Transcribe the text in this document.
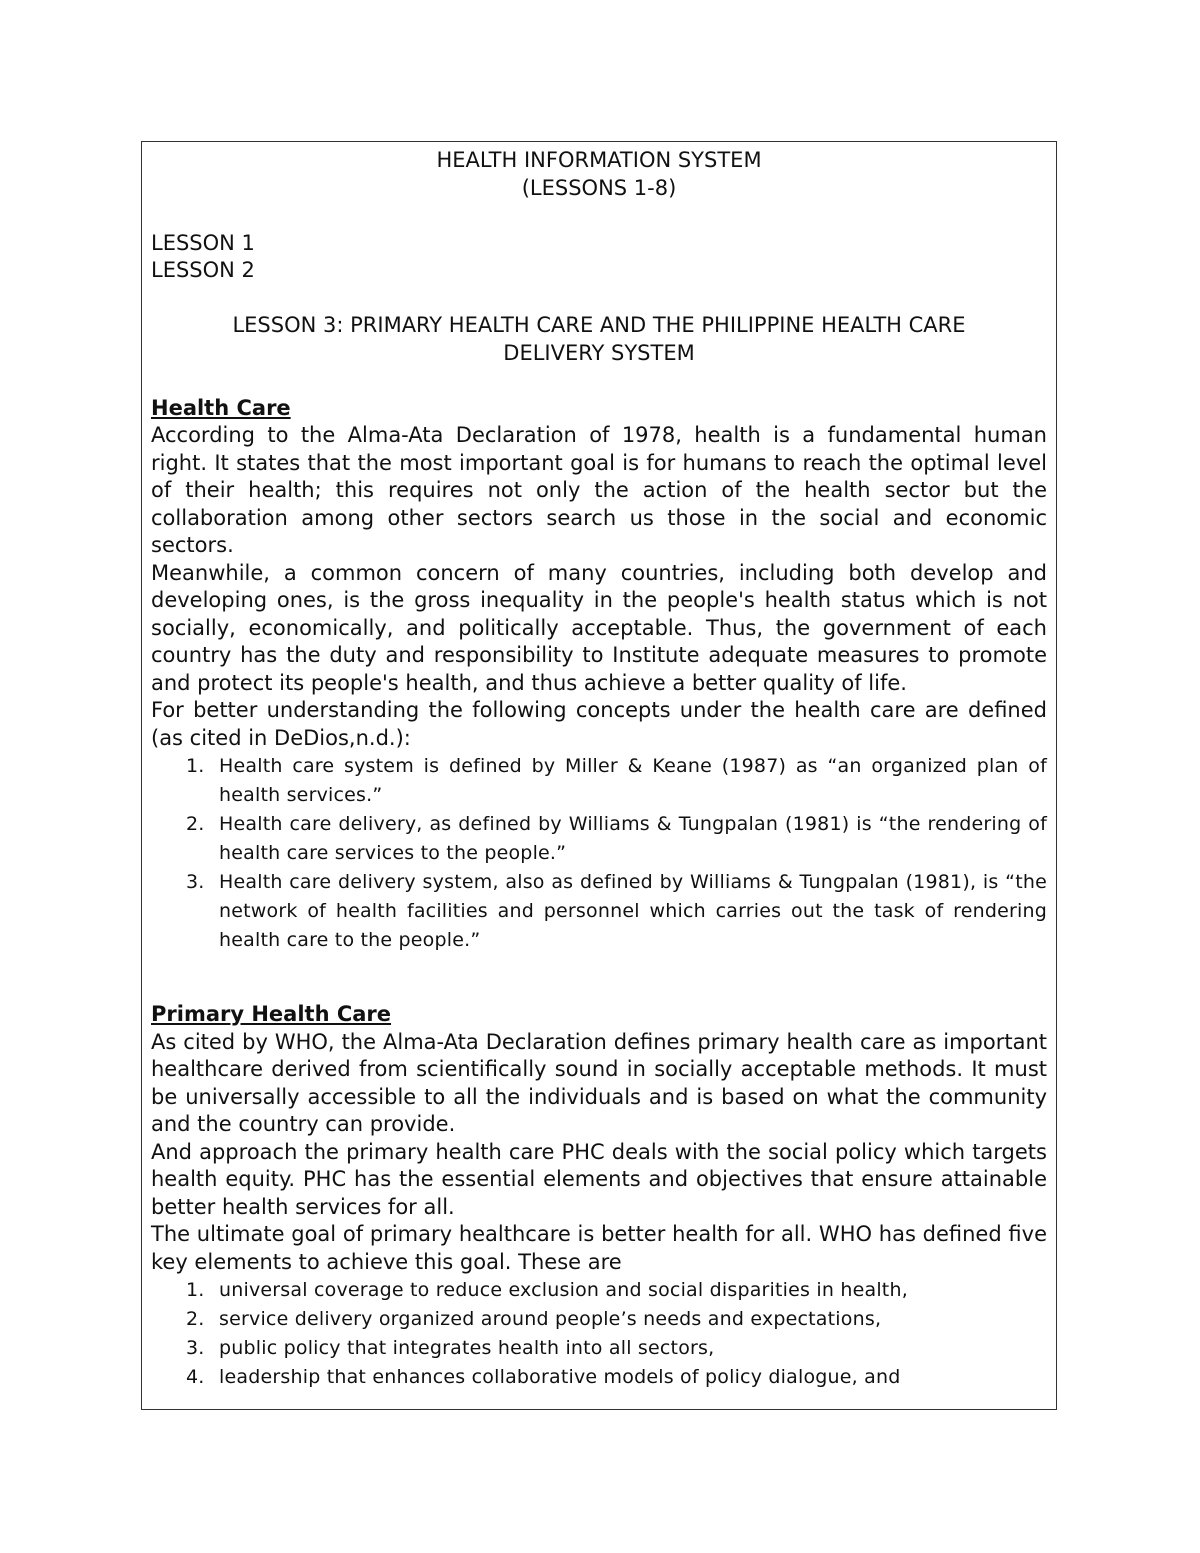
HEALTH INFORMATION SYSTEM
(LESSONS 1-8)
LESSON 1
LESSON 2
LESSON 3: PRIMARY HEALTH CARE AND THE PHILIPPINE HEALTH CARE
DELIVERY SYSTEM
Health Care
According to the Alma-Ata Declaration of 1978, health is a fundamental human right. It states that the most important goal is for humans to reach the optimal level of their health; this requires not only the action of the health sector but the collaboration among other sectors search us those in the social and economic sectors.
Meanwhile, a common concern of many countries, including both develop and developing ones, is the gross inequality in the people's health status which is not socially, economically, and politically acceptable. Thus, the government of each country has the duty and responsibility to Institute adequate measures to promote and protect its people's health, and thus achieve a better quality of life.
For better understanding the following concepts under the health care are defined (as cited in DeDios,n.d.):
1. Health care system is defined by Miller & Keane (1987) as “an organized plan of health services.”
2. Health care delivery, as defined by Williams & Tungpalan (1981) is “the rendering of health care services to the people.”
3. Health care delivery system, also as defined by Williams & Tungpalan (1981), is “the network of health facilities and personnel which carries out the task of rendering health care to the people.”
Primary Health Care
As cited by WHO, the Alma-Ata Declaration defines primary health care as important healthcare derived from scientifically sound in socially acceptable methods. It must be universally accessible to all the individuals and is based on what the community and the country can provide.
And approach the primary health care PHC deals with the social policy which targets health equity. PHC has the essential elements and objectives that ensure attainable better health services for all.
The ultimate goal of primary healthcare is better health for all. WHO has defined five key elements to achieve this goal. These are
1. universal coverage to reduce exclusion and social disparities in health,
2. service delivery organized around people’s needs and expectations,
3. public policy that integrates health into all sectors,
4. leadership that enhances collaborative models of policy dialogue, and
